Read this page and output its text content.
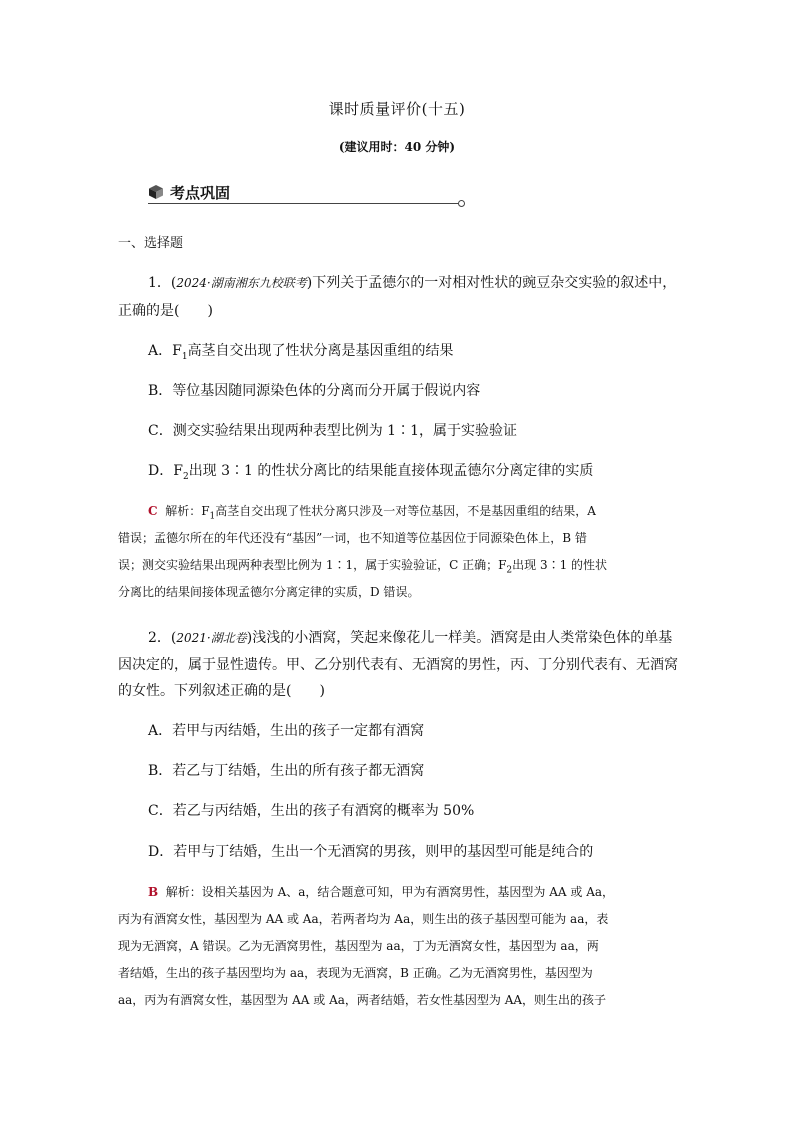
课时质量评价(十五)
(建议用时：40 分钟)
考点巩固
一、选择题
1．(2024·湖南湘东九校联考)下列关于孟德尔的一对相对性状的豌豆杂交实验的叙述中，
正确的是(　　)
A．$F_1$高茎自交出现了性状分离是基因重组的结果
B．等位基因随同源染色体的分离而分开属于假说内容
C．测交实验结果出现两种表型比例为 1∶1，属于实验验证
D．$F_2$出现 3∶1 的性状分离比的结果能直接体现孟德尔分离定律的实质
C 解析：$F_1$高茎自交出现了性状分离只涉及一对等位基因，不是基因重组的结果，A
错误；孟德尔所在的年代还没有“基因”一词，也不知道等位基因位于同源染色体上，B 错
误；测交实验结果出现两种表型比例为 1∶1，属于实验验证，C 正确；$F_2$出现 3∶1 的性状
分离比的结果间接体现孟德尔分离定律的实质，D 错误。
2．(2021·湖北卷)浅浅的小酒窝，笑起来像花儿一样美。酒窝是由人类常染色体的单基
因决定的，属于显性遗传。甲、乙分别代表有、无酒窝的男性，丙、丁分别代表有、无酒窝
的女性。下列叙述正确的是(　　)
A．若甲与丙结婚，生出的孩子一定都有酒窝
B．若乙与丁结婚，生出的所有孩子都无酒窝
C．若乙与丙结婚，生出的孩子有酒窝的概率为 50%
D．若甲与丁结婚，生出一个无酒窝的男孩，则甲的基因型可能是纯合的
B 解析：设相关基因为 A、a，结合题意可知，甲为有酒窝男性，基因型为 AA 或 Aa，
丙为有酒窝女性，基因型为 AA 或 Aa，若两者均为 Aa，则生出的孩子基因型可能为 aa，表
现为无酒窝，A 错误。乙为无酒窝男性，基因型为 aa，丁为无酒窝女性，基因型为 aa，两
者结婚，生出的孩子基因型均为 aa，表现为无酒窝，B 正确。乙为无酒窝男性，基因型为
aa，丙为有酒窝女性，基因型为 AA 或 Aa，两者结婚，若女性基因型为 AA，则生出的孩子
